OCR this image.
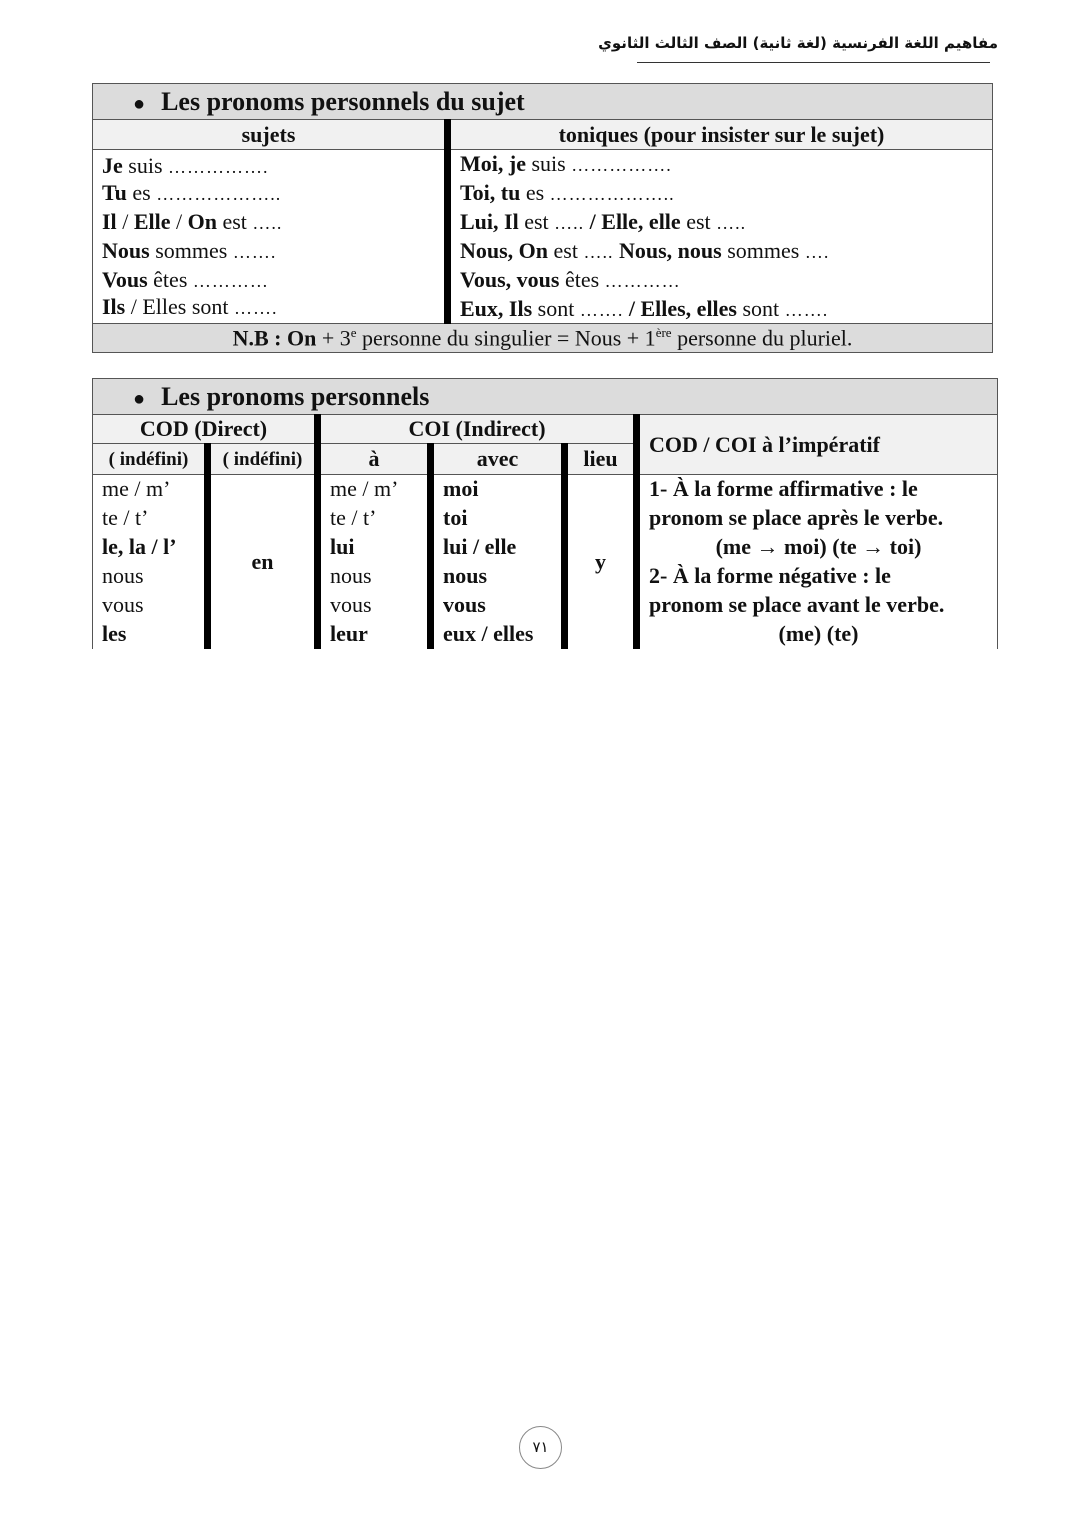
مفاهيم اللغة الفرنسية (لغة ثانية) الصف الثالث الثانوي
● Les pronoms personnels du sujet	
sujets	toniques (pour insister sur le sujet)
Je suis …………….	Moi, je suis …………….
Tu es ………………..	Toi, tu es ………………..
Il / Elle / On est …..	Lui, Il est ….. / Elle, elle est …..
Nous sommes …….	Nous, On est ….. Nous, nous sommes ….
Vous êtes …………	Vous, vous êtes …………
Ils / Elles sont …….	Eux, Ils sont ……. / Elles, elles sont …….
N.B : $On + 3^e$ personne du singulier = Nous + 1ère personne du pluriel.	
● Les pronoms personnels					
COD (Direct)		COI (Indirect)			COD / COI à l’impératif
( indéfini)	( indéfini)	à	avec	lieu	
me / m’	en	me / m’	moi	y	1- À la forme affirmative : le
te / t’		te / t’	toi		pronom se place après le verbe.
le, la / l’		lui	lui / elle		(me → moi) (te → toi)
nous		nous	nous		2- À la forme négative : le
vous		vous	vous		pronom se place avant le verbe.
les		leur	eux / elles		(me) (te)
٧١
